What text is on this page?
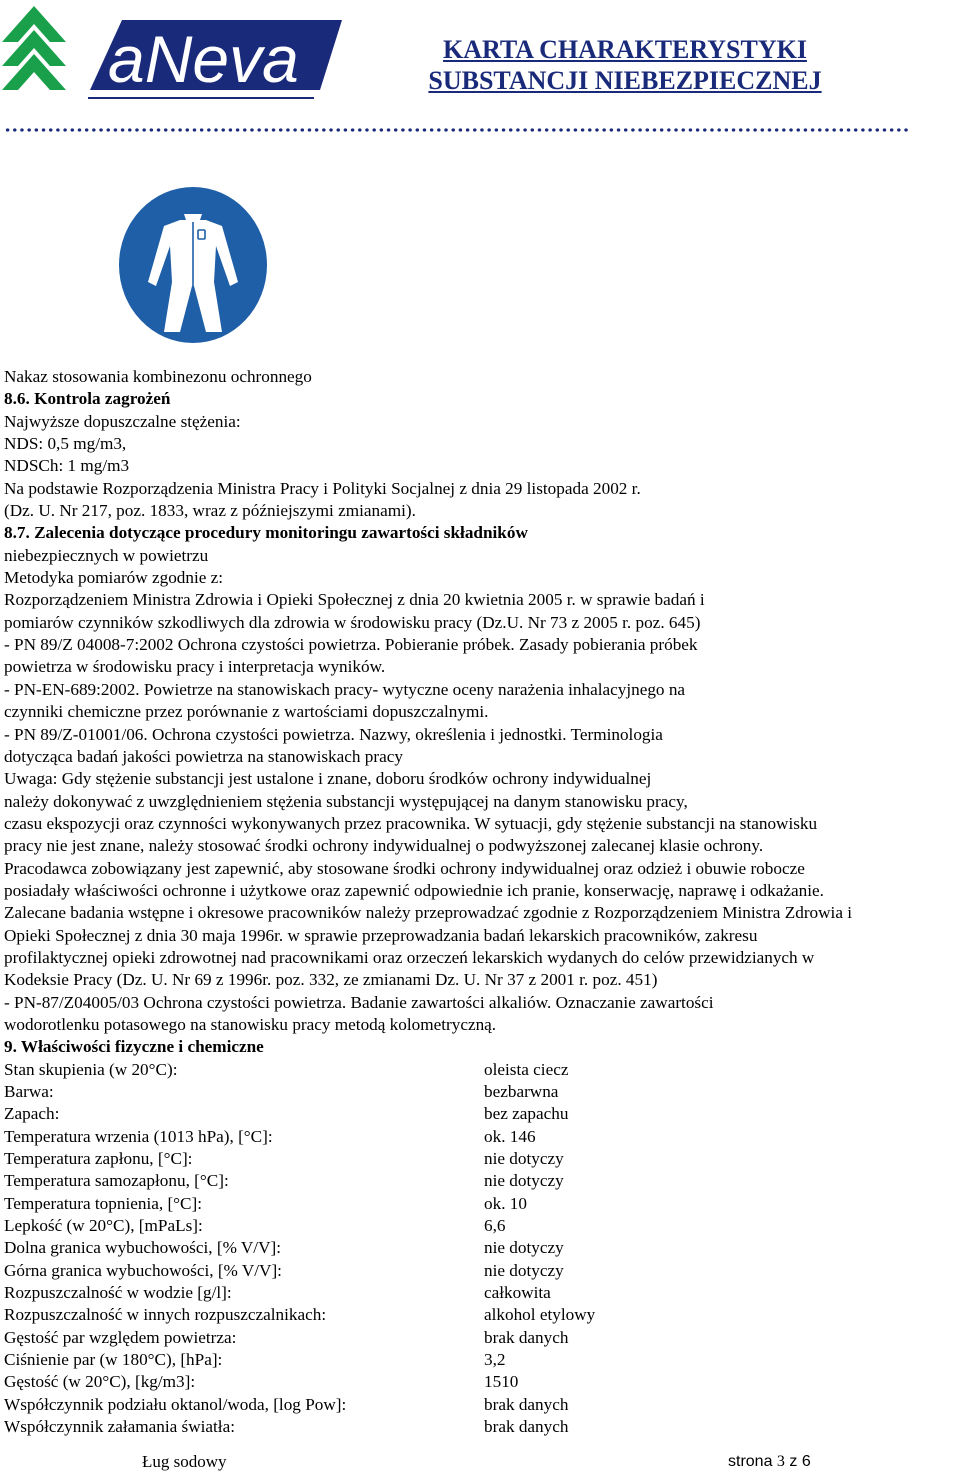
aNeva	KARTA CHARAKTERYSTYKI
SUBSTANCJI NIEBEZPIECZNEJ

Nakaz stosowania kombinezonu ochronnego

8.6. Kontrola zagrożeń

Najwyższe dopuszczalne stężenia:

NDS: 0,5 mg/m3,

NDSCh: 1 mg/m3

Na podstawie Rozporządzenia Ministra Pracy i Polityki Socjalnej z dnia 29 listopada 2002 r.

(Dz. U. Nr 217, poz. 1833, wraz z późniejszymi zmianami).

8.7. Zalecenia dotyczące procedury monitoringu zawartości składników

niebezpiecznych w powietrzu

Metodyka pomiarów zgodnie z:

Rozporządzeniem Ministra Zdrowia i Opieki Społecznej z dnia 20 kwietnia 2005 r. w sprawie badań i

pomiarów czynników szkodliwych dla zdrowia w środowisku pracy (Dz.U. Nr 73 z 2005 r. poz. 645)

- PN 89/Z 04008-7:2002 Ochrona czystości powietrza. Pobieranie próbek. Zasady pobierania próbek

powietrza w środowisku pracy i interpretacja wyników.

- PN-EN-689:2002. Powietrze na stanowiskach pracy- wytyczne oceny narażenia inhalacyjnego na

czynniki chemiczne przez porównanie z wartościami dopuszczalnymi.

- PN 89/Z-01001/06. Ochrona czystości powietrza. Nazwy, określenia i jednostki. Terminologia

dotycząca badań jakości powietrza na stanowiskach pracy

Uwaga: Gdy stężenie substancji jest ustalone i znane, doboru środków ochrony indywidualnej

należy dokonywać z uwzględnieniem stężenia substancji występującej na danym stanowisku pracy,

czasu ekspozycji oraz czynności wykonywanych przez pracownika. W sytuacji, gdy stężenie substancji na stanowisku

pracy nie jest znane, należy stosować środki ochrony indywidualnej o podwyższonej zalecanej klasie ochrony.

Pracodawca zobowiązany jest zapewnić, aby stosowane środki ochrony indywidualnej oraz odzież i obuwie robocze

posiadały właściwości ochronne i użytkowe oraz zapewnić odpowiednie ich pranie, konserwację, naprawę i odkażanie.

Zalecane badania wstępne i okresowe pracowników należy przeprowadzać zgodnie z Rozporządzeniem Ministra Zdrowia i

Opieki Społecznej z dnia 30 maja 1996r. w sprawie przeprowadzania badań lekarskich pracowników, zakresu

profilaktycznej opieki zdrowotnej nad pracownikami oraz orzeczeń lekarskich wydanych do celów przewidzianych w

Kodeksie Pracy (Dz. U. Nr 69 z 1996r. poz. 332, ze zmianami Dz. U. Nr 37 z 2001 r. poz. 451)

- PN-87/Z04005/03 Ochrona czystości powietrza. Badanie zawartości alkaliów. Oznaczanie zawartości

wodorotlenku potasowego na stanowisku pracy metodą kolometryczną.

9. Właściwości fizyczne i chemiczne

Stan skupienia (w 20°C):	oleista ciecz
Barwa:	bezbarwna
Zapach:	bez zapachu
Temperatura wrzenia (1013 hPa), [°C]:	ok. 146
Temperatura zapłonu, [°C]:	nie dotyczy
Temperatura samozapłonu, [°C]:	nie dotyczy
Temperatura topnienia, [°C]:	ok. 10
Lepkość (w 20°C), [mPaLs]:	6,6
Dolna granica wybuchowości, [% V/V]:	nie dotyczy
Górna granica wybuchowości, [% V/V]:	nie dotyczy
Rozpuszczalność w wodzie [g/l]:	całkowita
Rozpuszczalność w innych rozpuszczalnikach:	alkohol etylowy
Gęstość par względem powietrza:	brak danych
Ciśnienie par (w 180°C), [hPa]:	3,2
Gęstość (w 20°C), [kg/m3]:	1510
Współczynnik podziału oktanol/woda, [log Pow]:	brak danych
Współczynnik załamania światła:	brak danych
Ług sodowy	strona 3 z 6
